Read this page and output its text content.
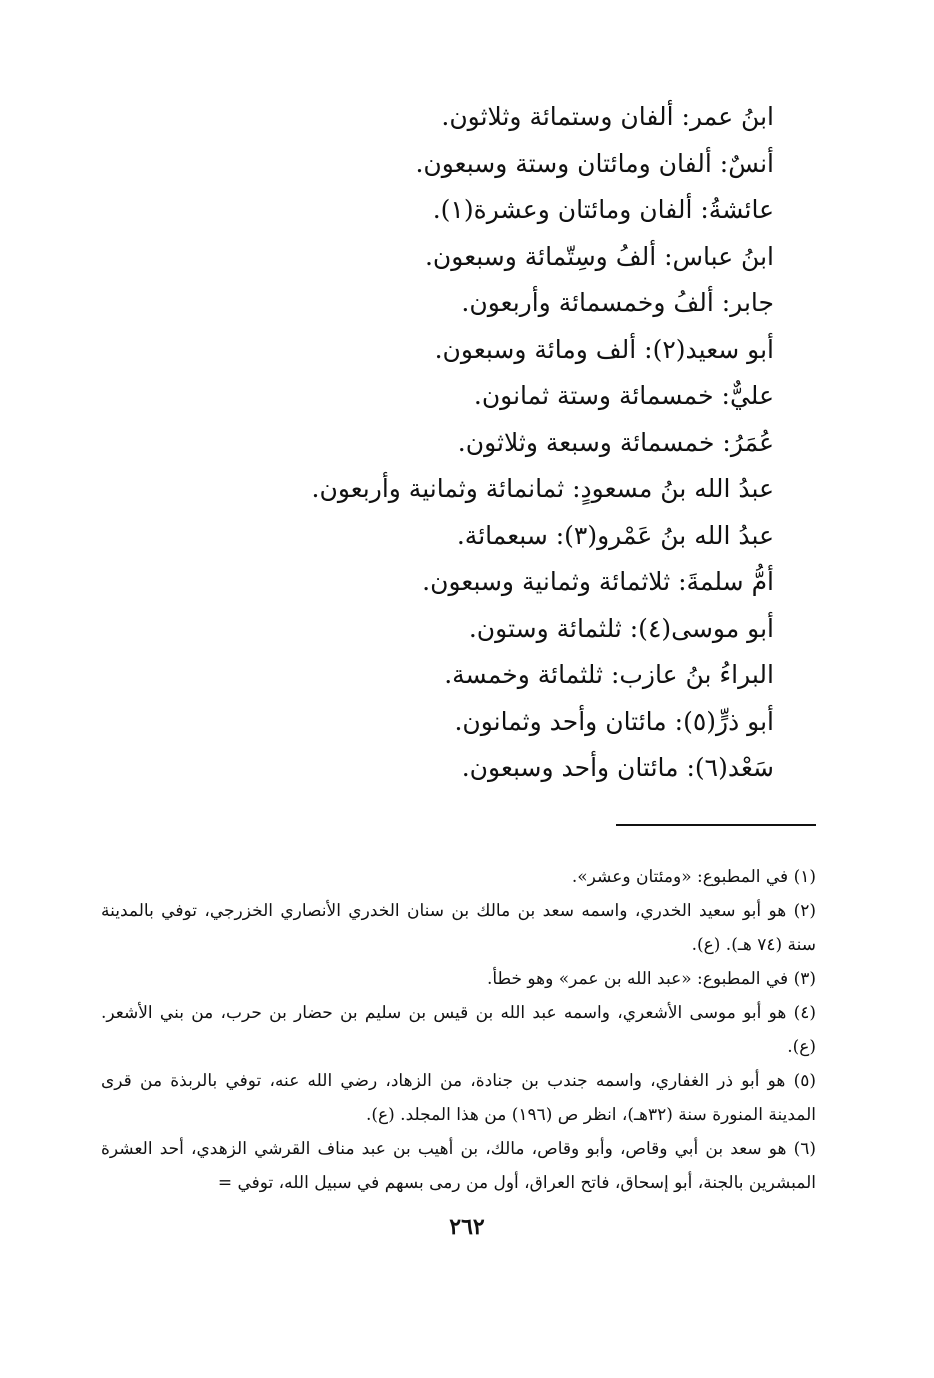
ابنُ عمر: ألفان وستمائة وثلاثون.
أنسٌ: ألفان ومائتان وستة وسبعون.
عائشةُ: ألفان ومائتان وعشرة(١).
ابنُ عباس: ألفُ وسِتّمائة وسبعون.
جابر: ألفُ وخمسمائة وأربعون.
أبو سعيد(٢): ألف ومائة وسبعون.
عليٌّ: خمسمائة وستة ثمانون.
عُمَرُ: خمسمائة وسبعة وثلاثون.
عبدُ الله بنُ مسعودٍ: ثمانمائة وثمانية وأربعون.
عبدُ الله بنُ عَمْرو(٣): سبعمائة.
أمُّ سلمةَ: ثلاثمائة وثمانية وسبعون.
أبو موسى(٤): ثلثمائة وستون.
البراءُ بنُ عازب: ثلثمائة وخمسة.
أبو ذرٍّ(٥): مائتان وأحد وثمانون.
سَعْد(٦): مائتان وأحد وسبعون.
(١) في المطبوع: «ومئتان وعشر».
(٢) هو أبو سعيد الخدري، واسمه سعد بن مالك بن سنان الخدري الأنصاري الخزرجي، توفي بالمدينة سنة (٧٤ هـ). (ع).
(٣) في المطبوع: «عبد الله بن عمر» وهو خطأ.
(٤) هو أبو موسى الأشعري، واسمه عبد الله بن قيس بن سليم بن حضار بن حرب، من بني الأشعر. (ع).
(٥) هو أبو ذر الغفاري، واسمه جندب بن جنادة، من الزهاد، رضي الله عنه، توفي بالربذة من قرى المدينة المنورة سنة (٣٢هـ)، انظر ص (١٩٦) من هذا المجلد. (ع).
(٦) هو سعد بن أبي وقاص، وأبو وقاص، مالك، بن أهيب بن عبد مناف القرشي الزهدي، أحد العشرة المبشرين بالجنة، أبو إسحاق، فاتح العراق، أول من رمى بسهم في سبيل الله، توفي =
٢٦٢
